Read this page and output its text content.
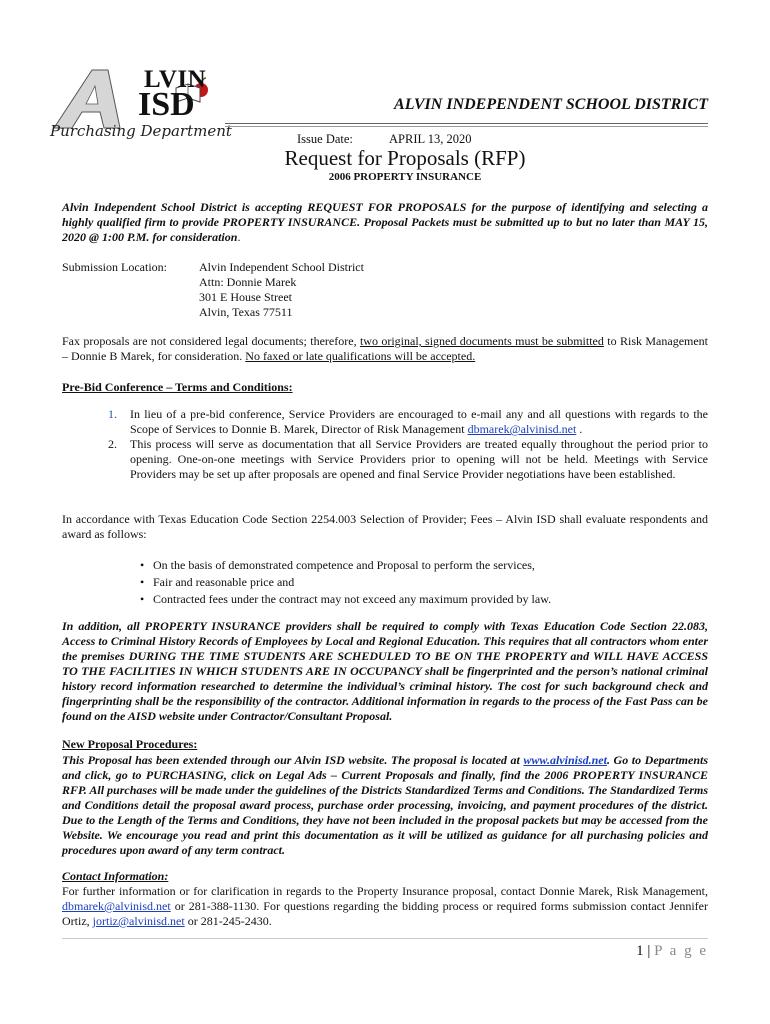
LVIN
ISD
Purchasing Department
ALVIN INDEPENDENT SCHOOL DISTRICT
Issue Date:	APRIL 13, 2020
Request for Proposals (RFP)
2006 PROPERTY INSURANCE
Alvin Independent School District is accepting REQUEST FOR PROPOSALS for the purpose of identifying and selecting a highly qualified firm to provide PROPERTY INSURANCE. Proposal Packets must be submitted up to but no later than MAY 15, 2020 @ 1:00 P.M. for consideration.
Submission Location:	Alvin Independent School District
Attn: Donnie Marek
301 E House Street
Alvin, Texas 77511
Fax proposals are not considered legal documents; therefore, two original, signed documents must be submitted to Risk Management – Donnie B Marek, for consideration. No faxed or late qualifications will be accepted.
Pre-Bid Conference – Terms and Conditions:
1. In lieu of a pre-bid conference, Service Providers are encouraged to e-mail any and all questions with regards to the Scope of Services to Donnie B. Marek, Director of Risk Management dbmarek@alvinisd.net .
2. This process will serve as documentation that all Service Providers are treated equally throughout the period prior to opening. One-on-one meetings with Service Providers prior to opening will not be held. Meetings with Service Providers may be set up after proposals are opened and final Service Provider negotiations have been established.
In accordance with Texas Education Code Section 2254.003 Selection of Provider; Fees – Alvin ISD shall evaluate respondents and award as follows:
• On the basis of demonstrated competence and Proposal to perform the services,
• Fair and reasonable price and
• Contracted fees under the contract may not exceed any maximum provided by law.
In addition, all PROPERTY INSURANCE providers shall be required to comply with Texas Education Code Section 22.083, Access to Criminal History Records of Employees by Local and Regional Education. This requires that all contractors whom enter the premises DURING THE TIME STUDENTS ARE SCHEDULED TO BE ON THE PROPERTY and WILL HAVE ACCESS TO THE FACILITIES IN WHICH STUDENTS ARE IN OCCUPANCY shall be fingerprinted and the person’s national criminal history record information researched to determine the individual’s criminal history. The cost for such background check and fingerprinting shall be the responsibility of the contractor. Additional information in regards to the process of the Fast Pass can be found on the AISD website under Contractor/Consultant Proposal.
New Proposal Procedures:
This Proposal has been extended through our Alvin ISD website. The proposal is located at www.alvinisd.net. Go to Departments and click, go to PURCHASING, click on Legal Ads – Current Proposals and finally, find the 2006 PROPERTY INSURANCE RFP. All purchases will be made under the guidelines of the Districts Standardized Terms and Conditions. The Standardized Terms and Conditions detail the proposal award process, purchase order processing, invoicing, and payment procedures of the district. Due to the Length of the Terms and Conditions, they have not been included in the proposal packets but may be accessed from the Website. We encourage you read and print this documentation as it will be utilized as guidance for all purchasing policies and procedures upon award of any term contract.
Contact Information:
For further information or for clarification in regards to the Property Insurance proposal, contact Donnie Marek, Risk Management, dbmarek@alvinisd.net or 281-388-1130. For questions regarding the bidding process or required forms submission contact Jennifer Ortiz, jortiz@alvinisd.net or 281-245-2430.
1 | P a g e
